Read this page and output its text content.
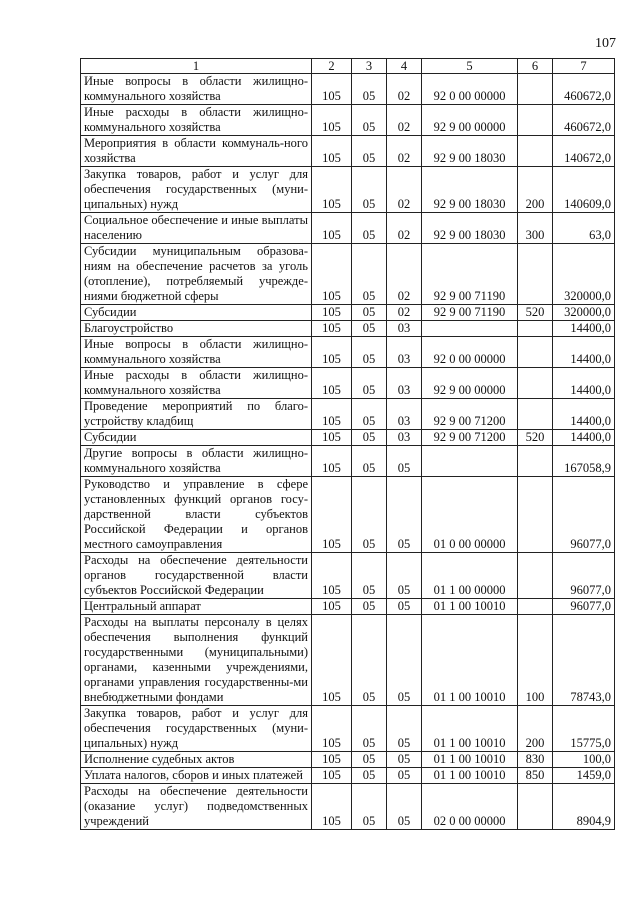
107
1	2	3	4	5	6	7
Иные вопросы в области жилищно-коммунального хозяйства	105	05	02	92 0 00 00000		460672,0
Иные расходы в области жилищно-коммунального хозяйства	105	05	02	92 9 00 00000		460672,0
Мероприятия в области коммуналь-ного хозяйства	105	05	02	92 9 00 18030		140672,0
Закупка товаров, работ и услуг для обеспечения государственных (муни-ципальных) нужд	105	05	02	92 9 00 18030	200	140609,0
Социальное обеспечение и иные выплаты населению	105	05	02	92 9 00 18030	300	63,0
Субсидии муниципальным образова-ниям на обеспечение расчетов за уголь (отопление), потребляемый учрежде-ниями бюджетной сферы	105	05	02	92 9 00 71190		320000,0
Субсидии	105	05	02	92 9 00 71190	520	320000,0
Благоустройство	105	05	03			14400,0
Иные вопросы в области жилищно-коммунального хозяйства	105	05	03	92 0 00 00000		14400,0
Иные расходы в области жилищно-коммунального хозяйства	105	05	03	92 9 00 00000		14400,0
Проведение мероприятий по благо-устройству кладбищ	105	05	03	92 9 00 71200		14400,0
Субсидии	105	05	03	92 9 00 71200	520	14400,0
Другие вопросы в области жилищно-коммунального хозяйства	105	05	05			167058,9
Руководство и управление в сфере установленных функций органов госу-дарственной власти субъектов Российской Федерации и органов местного самоуправления	105	05	05	01 0 00 00000		96077,0
Расходы на обеспечение деятельности органов государственной власти субъектов Российской Федерации	105	05	05	01 1 00 00000		96077,0
Центральный аппарат	105	05	05	01 1 00 10010		96077,0
Расходы на выплаты персоналу в целях обеспечения выполнения функций государственными (муниципальными) органами, казенными учреждениями, органами управления государственны-ми внебюджетными фондами	105	05	05	01 1 00 10010	100	78743,0
Закупка товаров, работ и услуг для обеспечения государственных (муни-ципальных) нужд	105	05	05	01 1 00 10010	200	15775,0
Исполнение судебных актов	105	05	05	01 1 00 10010	830	100,0
Уплата налогов, сборов и иных платежей	105	05	05	01 1 00 10010	850	1459,0
Расходы на обеспечение деятельности (оказание услуг) подведомственных учреждений	105	05	05	02 0 00 00000		8904,9
